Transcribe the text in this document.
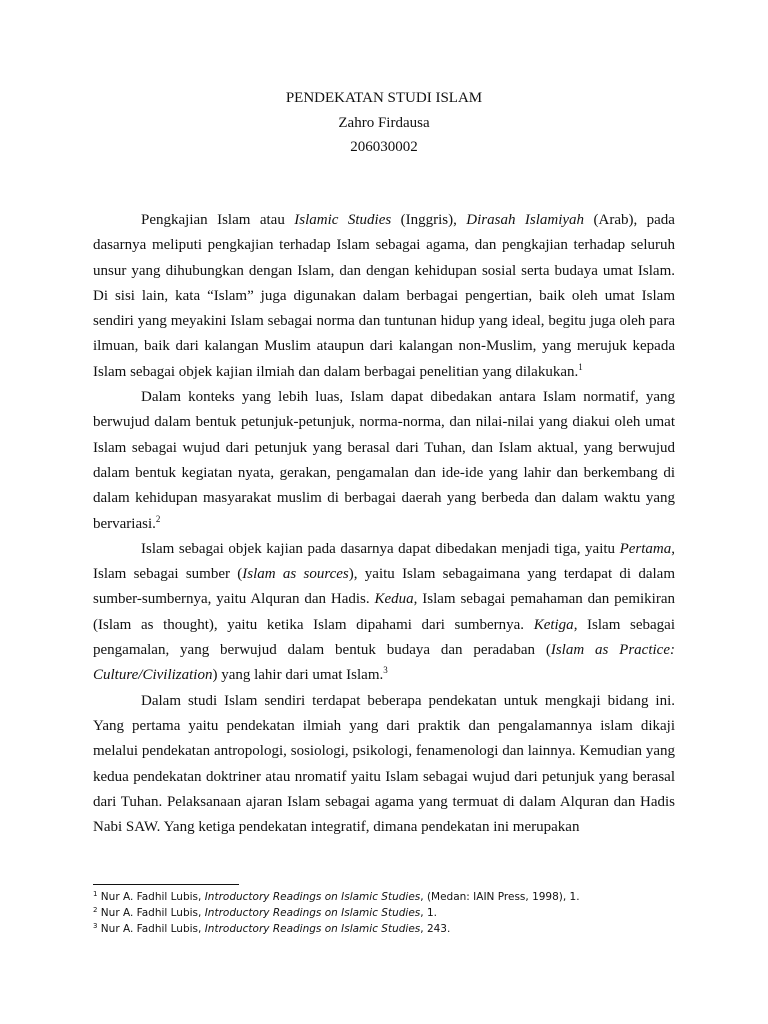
PENDEKATAN STUDI ISLAM
Zahro Firdausa
206030002

Pengkajian Islam atau Islamic Studies (Inggris), Dirasah Islamiyah (Arab), pada dasarnya meliputi pengkajian terhadap Islam sebagai agama, dan pengkajian terhadap seluruh unsur yang dihubungkan dengan Islam, dan dengan kehidupan sosial serta budaya umat Islam. Di sisi lain, kata “Islam” juga digunakan dalam berbagai pengertian, baik oleh umat Islam sendiri yang meyakini Islam sebagai norma dan tuntunan hidup yang ideal, begitu juga oleh para ilmuan, baik dari kalangan Muslim ataupun dari kalangan non-Muslim, yang merujuk kepada Islam sebagai objek kajian ilmiah dan dalam berbagai penelitian yang dilakukan.$^1$

Dalam konteks yang lebih luas, Islam dapat dibedakan antara Islam normatif, yang berwujud dalam bentuk petunjuk-petunjuk, norma-norma, dan nilai-nilai yang diakui oleh umat Islam sebagai wujud dari petunjuk yang berasal dari Tuhan, dan Islam aktual, yang berwujud dalam bentuk kegiatan nyata, gerakan, pengamalan dan ide-ide yang lahir dan berkembang di dalam kehidupan masyarakat muslim di berbagai daerah yang berbeda dan dalam waktu yang bervariasi.$^2$

Islam sebagai objek kajian pada dasarnya dapat dibedakan menjadi tiga, yaitu Pertama, Islam sebagai sumber (Islam as sources), yaitu Islam sebagaimana yang terdapat di dalam sumber-sumbernya, yaitu Alquran dan Hadis. Kedua, Islam sebagai pemahaman dan pemikiran (Islam as thought), yaitu ketika Islam dipahami dari sumbernya. Ketiga, Islam sebagai pengamalan, yang berwujud dalam bentuk budaya dan peradaban (Islam as Practice: Culture/Civilization) yang lahir dari umat Islam.$^3$

Dalam studi Islam sendiri terdapat beberapa pendekatan untuk mengkaji bidang ini. Yang pertama yaitu pendekatan ilmiah yang dari praktik dan pengalamannya islam dikaji melalui pendekatan antropologi, sosiologi, psikologi, fenamenologi dan lainnya. Kemudian yang kedua pendekatan doktriner atau nromatif yaitu Islam sebagai wujud dari petunjuk yang berasal dari Tuhan. Pelaksanaan ajaran Islam sebagai agama yang termuat di dalam Alquran dan Hadis Nabi SAW. Yang ketiga pendekatan integratif, dimana pendekatan ini merupakan

$^1$ Nur A. Fadhil Lubis, Introductory Readings on Islamic Studies, (Medan: IAIN Press, 1998), 1.
$^2$ Nur A. Fadhil Lubis, Introductory Readings on Islamic Studies, 1.
$^3$ Nur A. Fadhil Lubis, Introductory Readings on Islamic Studies, 243.
